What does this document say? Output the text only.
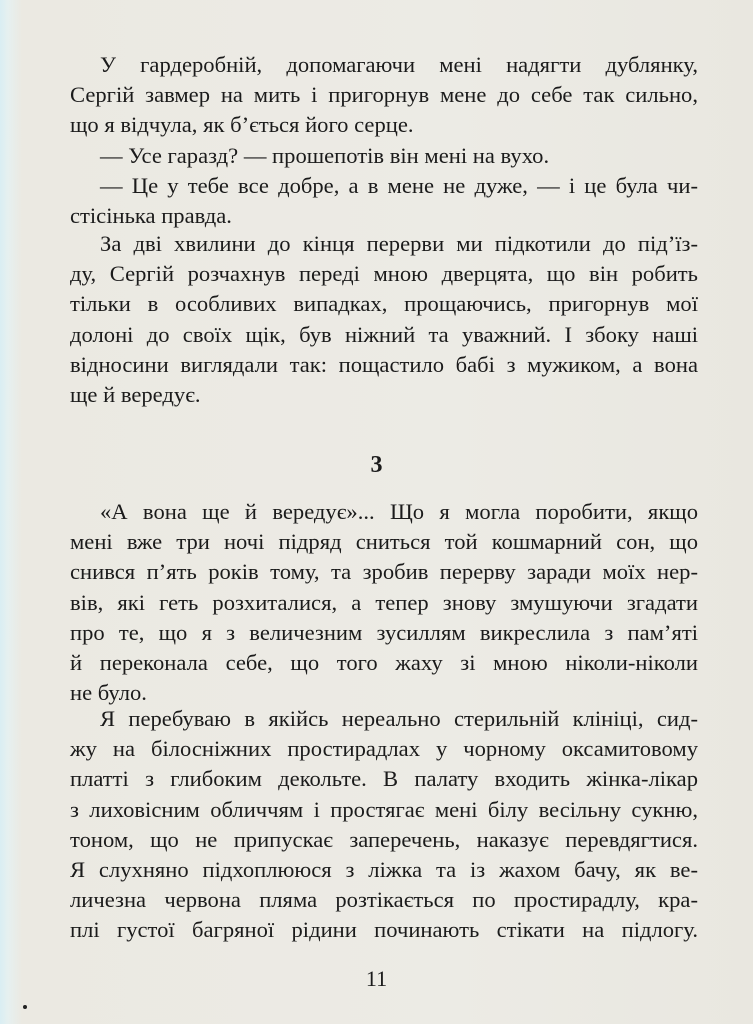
У гардеробній, допомагаючи мені надягти дублянку,
Сергій завмер на мить і пригорнув мене до себе так сильно,
що я відчула, як б’ється його серце.
— Усе гаразд? — прошепотів він мені на вухо.
— Це у тебе все добре, а в мене не дуже, — і це була чи-
стісінька правда.
За дві хвилини до кінця перерви ми підкотили до під’їз-
ду, Сергій розчахнув переді мною дверцята, що він робить
тільки в особливих випадках, прощаючись, пригорнув мої
долоні до своїх щік, був ніжний та уважний. І збоку наші
відносини виглядали так: пощастило бабі з мужиком, а вона
ще й вередує.
3
«А вона ще й вередує»... Що я могла поробити, якщо
мені вже три ночі підряд сниться той кошмарний сон, що
снився п’ять років тому, та зробив перерву заради моїх нер-
вів, які геть розхиталися, а тепер знову змушуючи згадати
про те, що я з величезним зусиллям викреслила з пам’яті
й переконала себе, що того жаху зі мною ніколи-ніколи
не було.
Я перебуваю в якійсь нереально стерильній клініці, сид-
жу на білосніжних простирадлах у чорному оксамитовому
платті з глибоким декольте. В палату входить жінка-лікар
з лиховісним обличчям і простягає мені білу весільну сукню,
тоном, що не припускає заперечень, наказує перевдягтися.
Я слухняно підхоплююся з ліжка та із жахом бачу, як ве-
личезна червона пляма розтікається по простирадлу, кра-
плі густої багряної рідини починають стікати на підлогу.
11
